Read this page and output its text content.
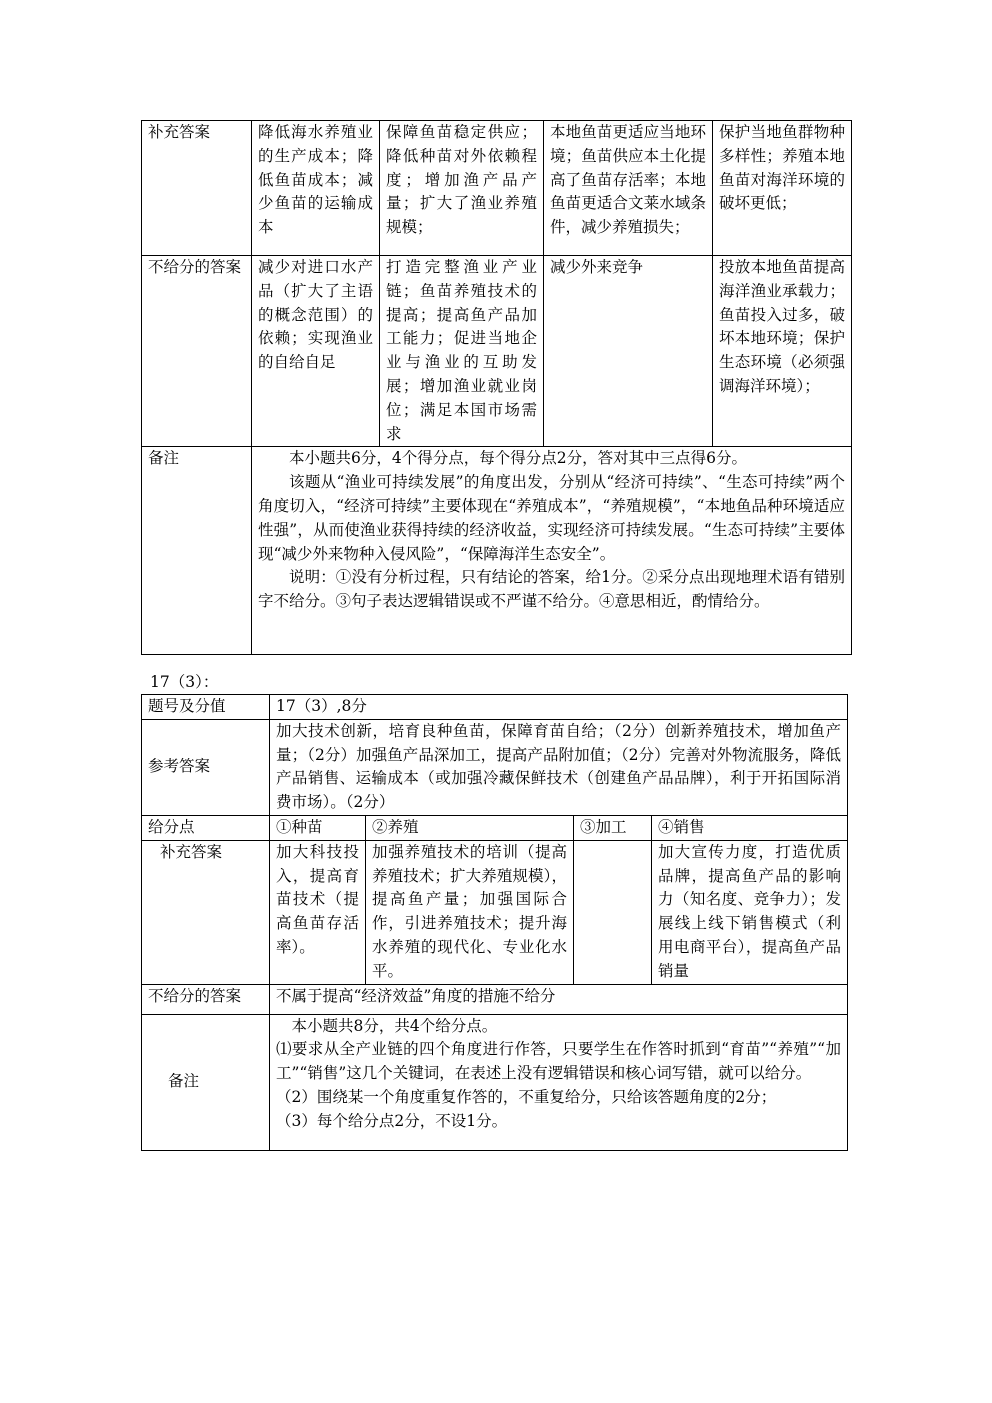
补充答案	降低海水养殖业的生产成本；降低鱼苗成本；减少鱼苗的运输成本	保障鱼苗稳定供应；降低种苗对外依赖程度；增加渔产品产量；扩大了渔业养殖规模；	本地鱼苗更适应当地环境；鱼苗供应本土化提高了鱼苗存活率；本地鱼苗更适合文莱水域条件，减少养殖损失；	保护当地鱼群物种多样性；养殖本地鱼苗对海洋环境的破坏更低；
不给分的答案	减少对进口水产品（扩大了主语的概念范围）的依赖；实现渔业的自给自足	打造完整渔业产业链；鱼苗养殖技术的提高；提高鱼产品加工能力；促进当地企业与渔业的互助发展；增加渔业就业岗位；满足本国市场需求	减少外来竞争	投放本地鱼苗提高海洋渔业承载力；鱼苗投入过多，破坏本地环境；保护生态环境（必须强调海洋环境）；
备注	本小题共6分，4个得分点，每个得分点2分，答对其中三点得6分。

该题从“渔业可持续发展”的角度出发，分别从“经济可持续”、“生态可持续”两个角度切入，“经济可持续”主要体现在“养殖成本”，“养殖规模”，“本地鱼品种环境适应性强”，从而使渔业获得持续的经济收益，实现经济可持续发展。“生态可持续”主要体现“减少外来物种入侵风险”，“保障海洋生态安全”。

说明：①没有分析过程，只有结论的答案，给1分。②采分点出现地理术语有错别字不给分。③句子表达逻辑错误或不严谨不给分。④意思相近，酌情给分。			

17（3）：
题号及分值	17（3）,8分			
参考答案	加大技术创新，培育良种鱼苗，保障育苗自给；（2分）创新养殖技术，增加鱼产量；（2分）加强鱼产品深加工，提高产品附加值；（2分）完善对外物流服务，降低产品销售、运输成本（或加强冷藏保鲜技术（创建鱼产品品牌），利于开拓国际消费市场）。（2分）			
给分点	①种苗	②养殖	③加工	④销售
补充答案	加大科技投入，提高育苗技术（提高鱼苗存活率）。	加强养殖技术的培训（提高养殖技术；扩大养殖规模），提高鱼产量；加强国际合作，引进养殖技术；提升海水养殖的现代化、专业化水平。		加大宣传力度，打造优质品牌，提高鱼产品的影响力（知名度、竞争力）；发展线上线下销售模式（利用电商平台），提高鱼产品销量
不给分的答案	不属于提高“经济效益”角度的措施不给分			
备注	本小题共8分，共4个给分点。

⑴要求从全产业链的四个角度进行作答，只要学生在作答时抓到“育苗”“养殖”“加工”“销售”这几个关键词，在表述上没有逻辑错误和核心词写错，就可以给分。

（2）围绕某一个角度重复作答的，不重复给分，只给该答题角度的2分；

（3）每个给分点2分，不设1分。			
